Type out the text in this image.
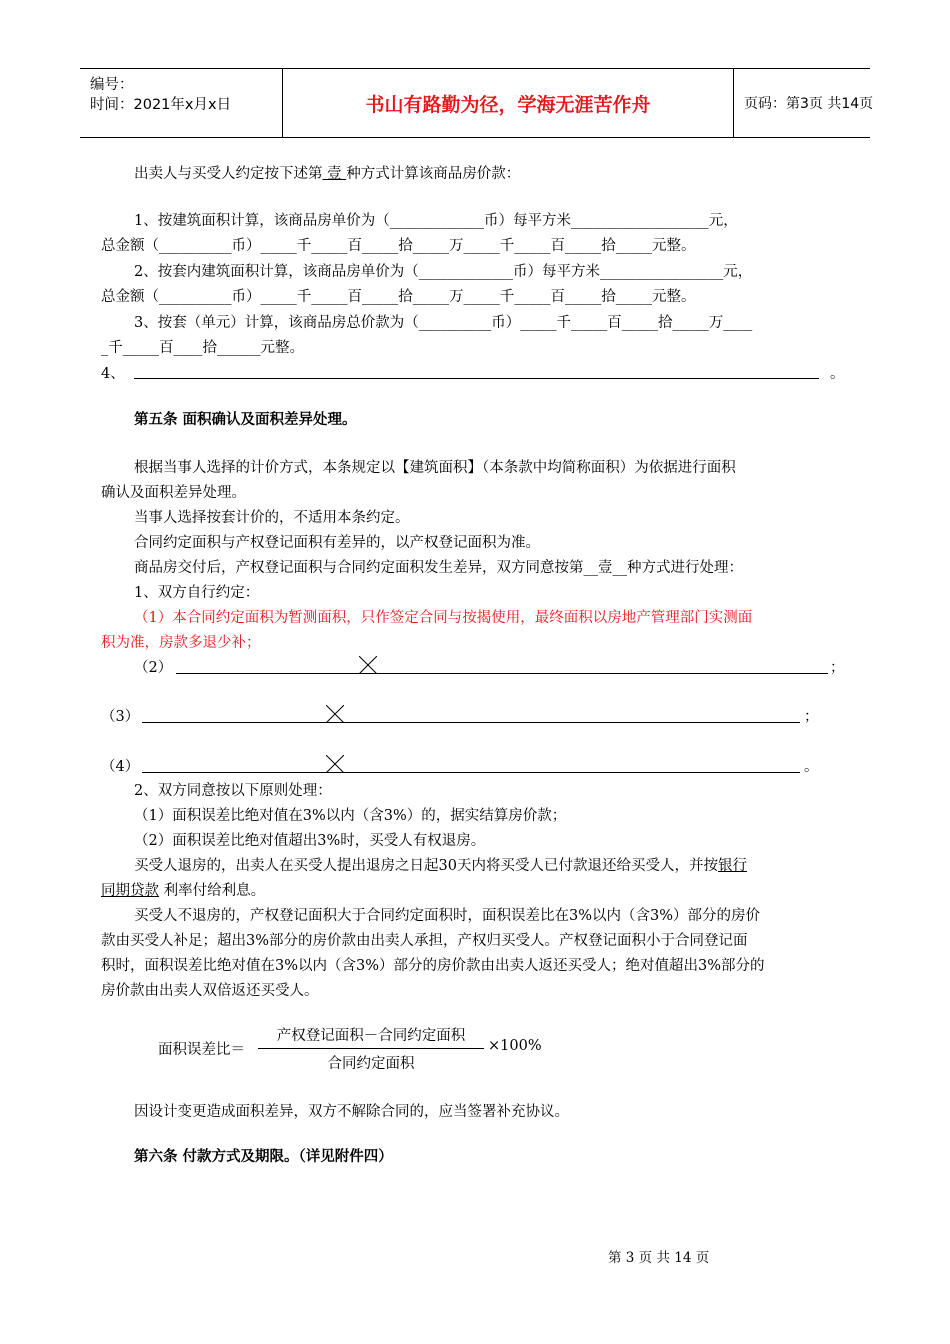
编号：
时间：2021年x月x日	书山有路勤为径，学海无涯苦作舟	页码：第3页 共14页
出卖人与买受人约定按下述第 壹 种方式计算该商品房价款：
1、按建筑面积计算，该商品房单价为（_____________币）每平方米___________________元，
总金额（__________币）_____千_____百_____拾_____万_____千_____百_____拾_____元整。
2、按套内建筑面积计算，该商品房单价为（_____________币）每平方米_________________元，
总金额（__________币）_____千_____百_____拾_____万_____千_____百_____拾_____元整。
3、按套（单元）计算，该商品房总价款为（__________币）_____千_____百_____拾_____万____
_千_____百____拾______元整。
4、	。
第五条 面积确认及面积差异处理。
根据当事人选择的计价方式，本条规定以【建筑面积】（本条款中均简称面积）为依据进行面积
确认及面积差异处理。
当事人选择按套计价的，不适用本条约定。
合同约定面积与产权登记面积有差异的，以产权登记面积为准。
商品房交付后，产权登记面积与合同约定面积发生差异，双方同意按第__壹__种方式进行处理：
1、双方自行约定：
（1）本合同约定面积为暂测面积，只作签定合同与按揭使用，最终面积以房地产管理部门实测面
积为准，房款多退少补；
（2）	；
（3）	；
（4）	。
2、双方同意按以下原则处理：
（1）面积误差比绝对值在3%以内（含3%）的，据实结算房价款；
（2）面积误差比绝对值超出3%时，买受人有权退房。
买受人退房的，出卖人在买受人提出退房之日起30天内将买受人已付款退还给买受人，并按银行
同期贷款 利率付给利息。
买受人不退房的，产权登记面积大于合同约定面积时，面积误差比在3%以内（含3%）部分的房价
款由买受人补足；超出3%部分的房价款由出卖人承担，产权归买受人。产权登记面积小于合同登记面
积时，面积误差比绝对值在3%以内（含3%）部分的房价款由出卖人返还买受人；绝对值超出3%部分的
房价款由出卖人双倍返还买受人。
面积误差比＝
产权登记面积－合同约定面积
合同约定面积
×100%
因设计变更造成面积差异，双方不解除合同的，应当签署补充协议。
第六条 付款方式及期限。（详见附件四）
第 3 页 共 14 页
